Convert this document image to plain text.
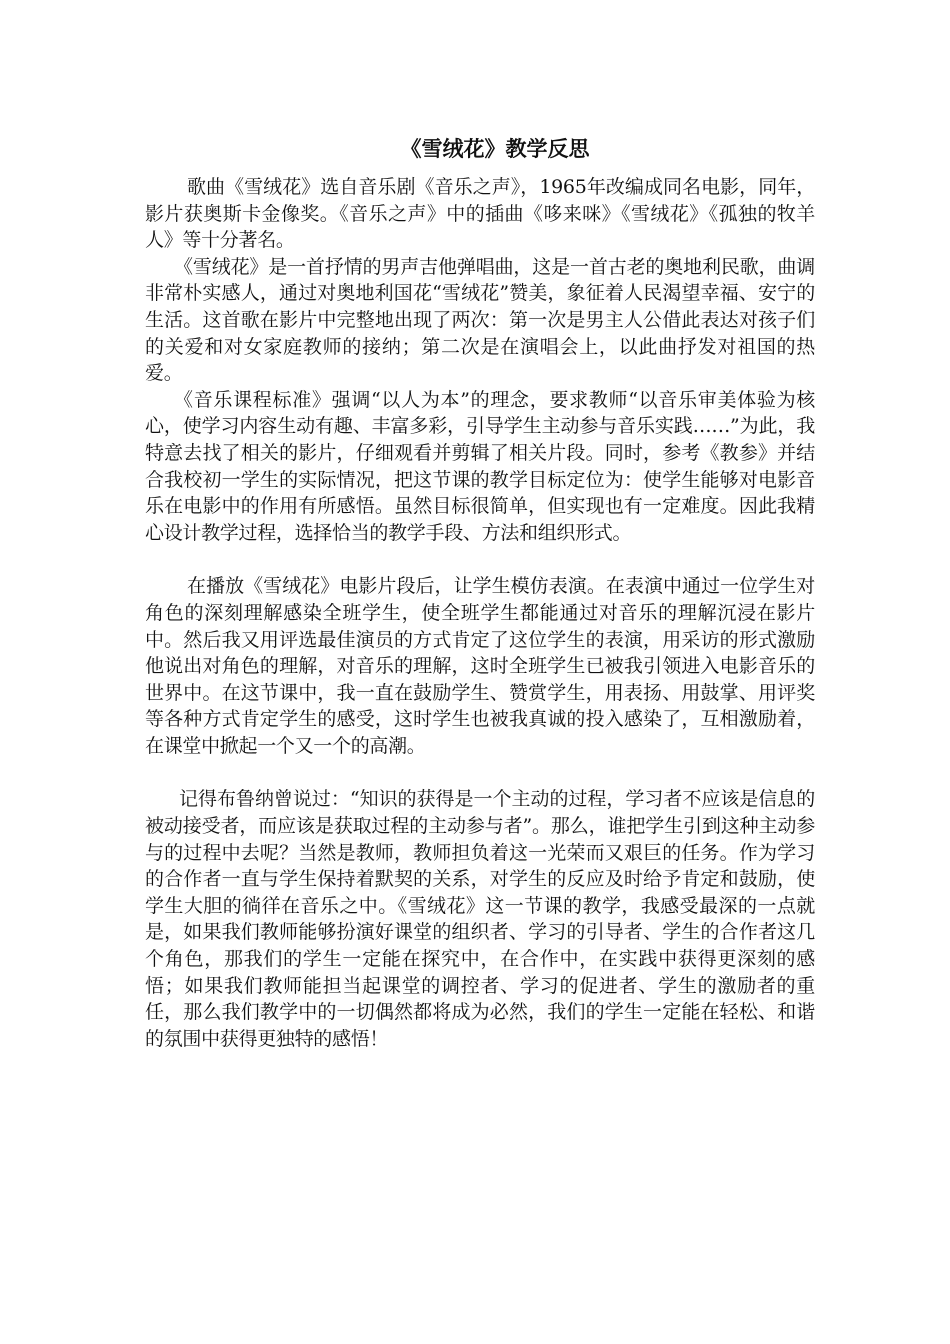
《雪绒花》教学反思

歌曲《雪绒花》选自音乐剧《音乐之声》，1965年改编成同名电影，同年，影片获奥斯卡金像奖。《音乐之声》中的插曲《哆来咪》《雪绒花》《孤独的牧羊人》等十分著名。

《雪绒花》是一首抒情的男声吉他弹唱曲，这是一首古老的奥地利民歌，曲调非常朴实感人，通过对奥地利国花“雪绒花”赞美，象征着人民渴望幸福、安宁的生活。这首歌在影片中完整地出现了两次：第一次是男主人公借此表达对孩子们的关爱和对女家庭教师的接纳；第二次是在演唱会上，以此曲抒发对祖国的热爱。

《音乐课程标准》强调“以人为本”的理念，要求教师“以音乐审美体验为核心，使学习内容生动有趣、丰富多彩，引导学生主动参与音乐实践……”为此，我特意去找了相关的影片，仔细观看并剪辑了相关片段。同时，参考《教参》并结合我校初一学生的实际情况，把这节课的教学目标定位为：使学生能够对电影音乐在电影中的作用有所感悟。虽然目标很简单，但实现也有一定难度。因此我精心设计教学过程，选择恰当的教学手段、方法和组织形式。

在播放《雪绒花》电影片段后，让学生模仿表演。在表演中通过一位学生对角色的深刻理解感染全班学生，使全班学生都能通过对音乐的理解沉浸在影片中。然后我又用评选最佳演员的方式肯定了这位学生的表演，用采访的形式激励他说出对角色的理解，对音乐的理解，这时全班学生已被我引领进入电影音乐的世界中。在这节课中，我一直在鼓励学生、赞赏学生，用表扬、用鼓掌、用评奖等各种方式肯定学生的感受，这时学生也被我真诚的投入感染了，互相激励着，在课堂中掀起一个又一个的高潮。

记得布鲁纳曾说过：“知识的获得是一个主动的过程，学习者不应该是信息的被动接受者，而应该是获取过程的主动参与者”。那么，谁把学生引到这种主动参与的过程中去呢？当然是教师，教师担负着这一光荣而又艰巨的任务。作为学习的合作者一直与学生保持着默契的关系，对学生的反应及时给予肯定和鼓励，使学生大胆的徜徉在音乐之中。《雪绒花》这一节课的教学，我感受最深的一点就是，如果我们教师能够扮演好课堂的组织者、学习的引导者、学生的合作者这几个角色，那我们的学生一定能在探究中，在合作中，在实践中获得更深刻的感悟；如果我们教师能担当起课堂的调控者、学习的促进者、学生的激励者的重任，那么我们教学中的一切偶然都将成为必然，我们的学生一定能在轻松、和谐的氛围中获得更独特的感悟！
